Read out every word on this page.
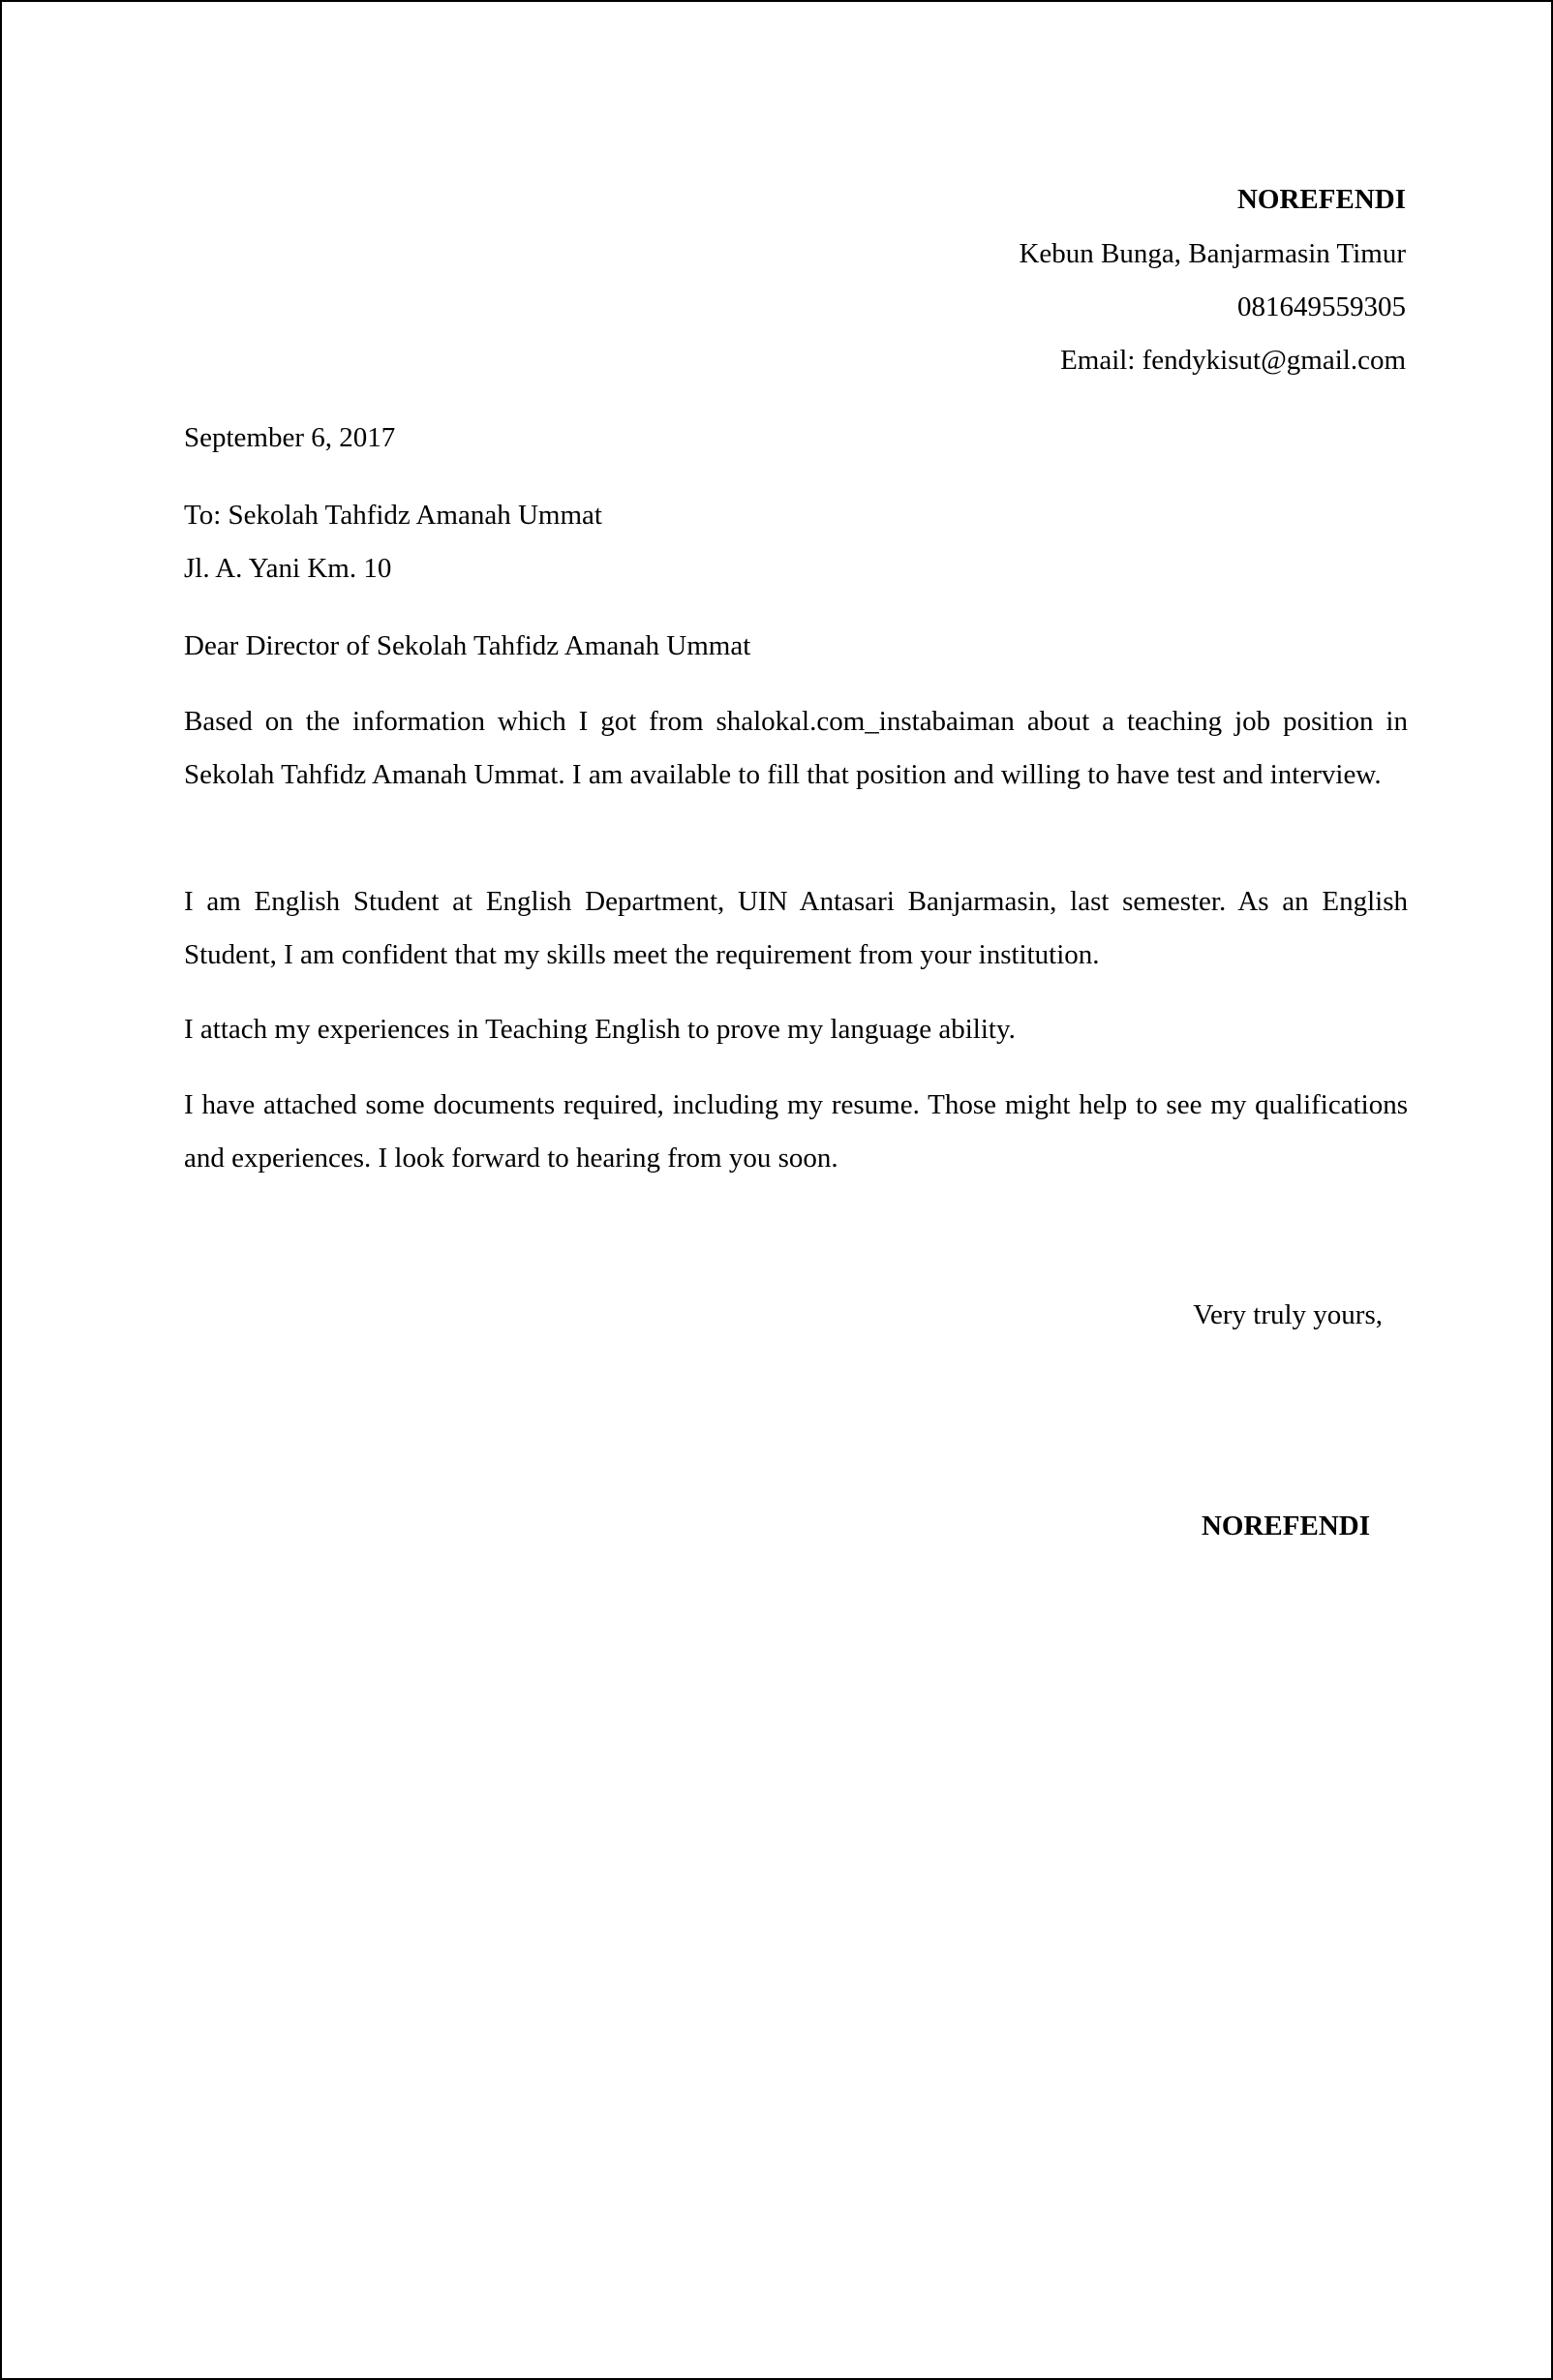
NOREFENDI
Kebun Bunga, Banjarmasin Timur
081649559305
Email: fendykisut@gmail.com
September 6, 2017
To: Sekolah Tahfidz Amanah Ummat
Jl. A. Yani Km. 10
Dear Director of Sekolah Tahfidz Amanah Ummat
Based on the information which I got from shalokal.com_instabaiman about a teaching job position in Sekolah Tahfidz Amanah Ummat. I am available to fill that position and willing to have test and interview.
I am English Student at English Department, UIN Antasari Banjarmasin, last semester. As an English Student, I am confident that my skills meet the requirement from your institution.
I attach my experiences in Teaching English to prove my language ability.
I have attached some documents required, including my resume. Those might help to see my qualifications and experiences. I look forward to hearing from you soon.
Very truly yours,
NOREFENDI
